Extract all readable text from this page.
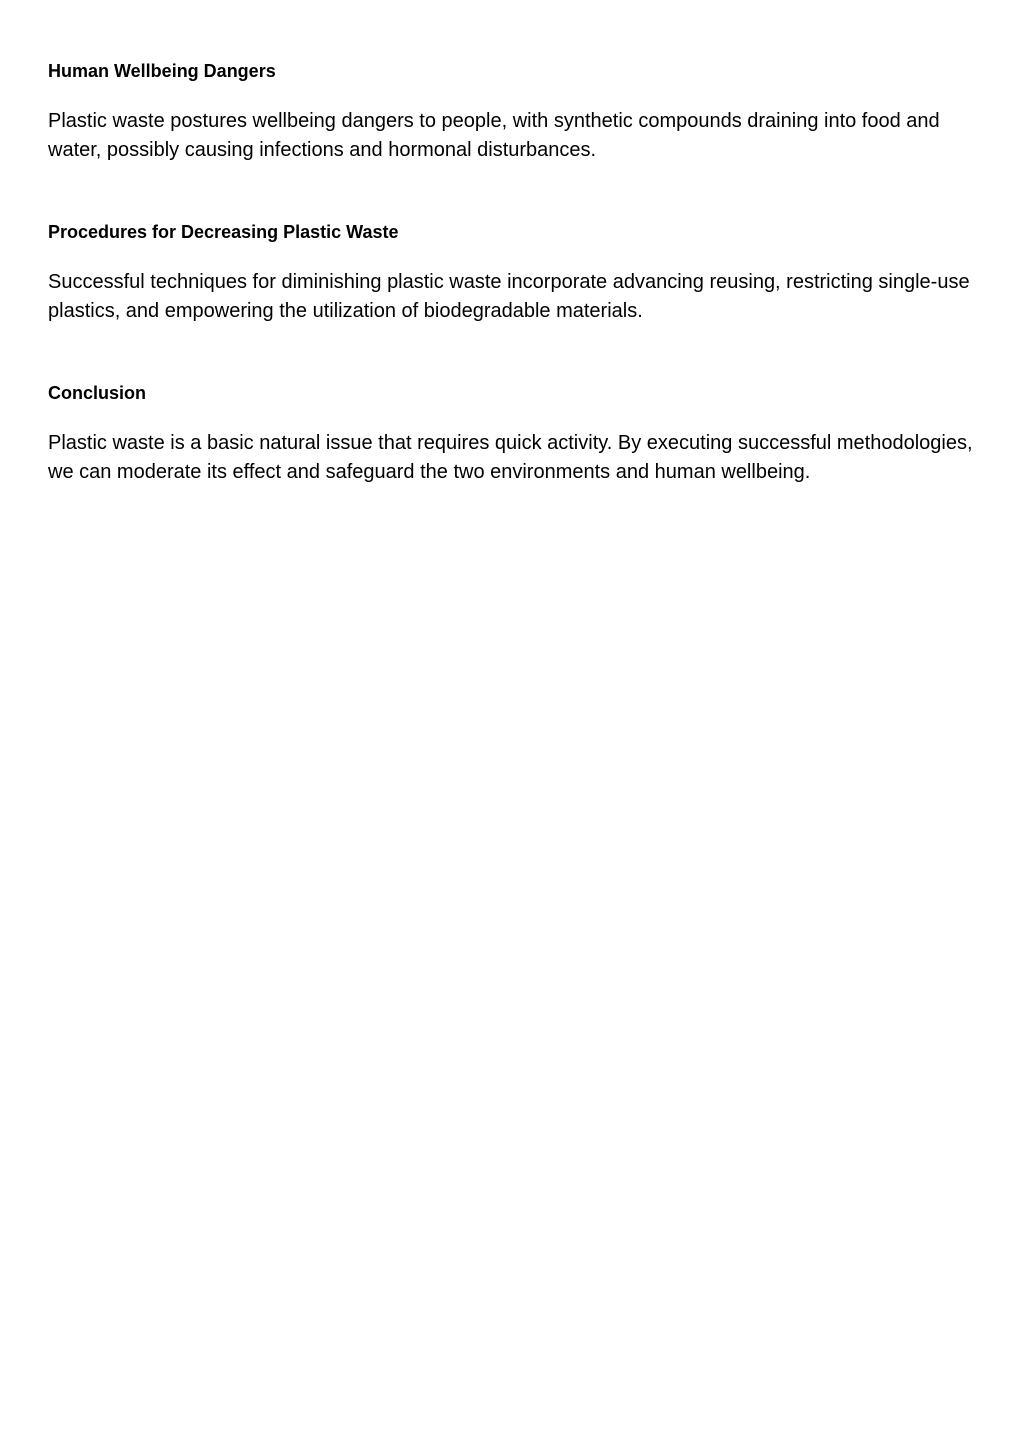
Human Wellbeing Dangers

Plastic waste postures wellbeing dangers to people, with synthetic compounds draining into food and water, possibly causing infections and hormonal disturbances.

Procedures for Decreasing Plastic Waste

Successful techniques for diminishing plastic waste incorporate advancing reusing, restricting single-use plastics, and empowering the utilization of biodegradable materials.

Conclusion

Plastic waste is a basic natural issue that requires quick activity. By executing successful methodologies, we can moderate its effect and safeguard the two environments and human wellbeing.
